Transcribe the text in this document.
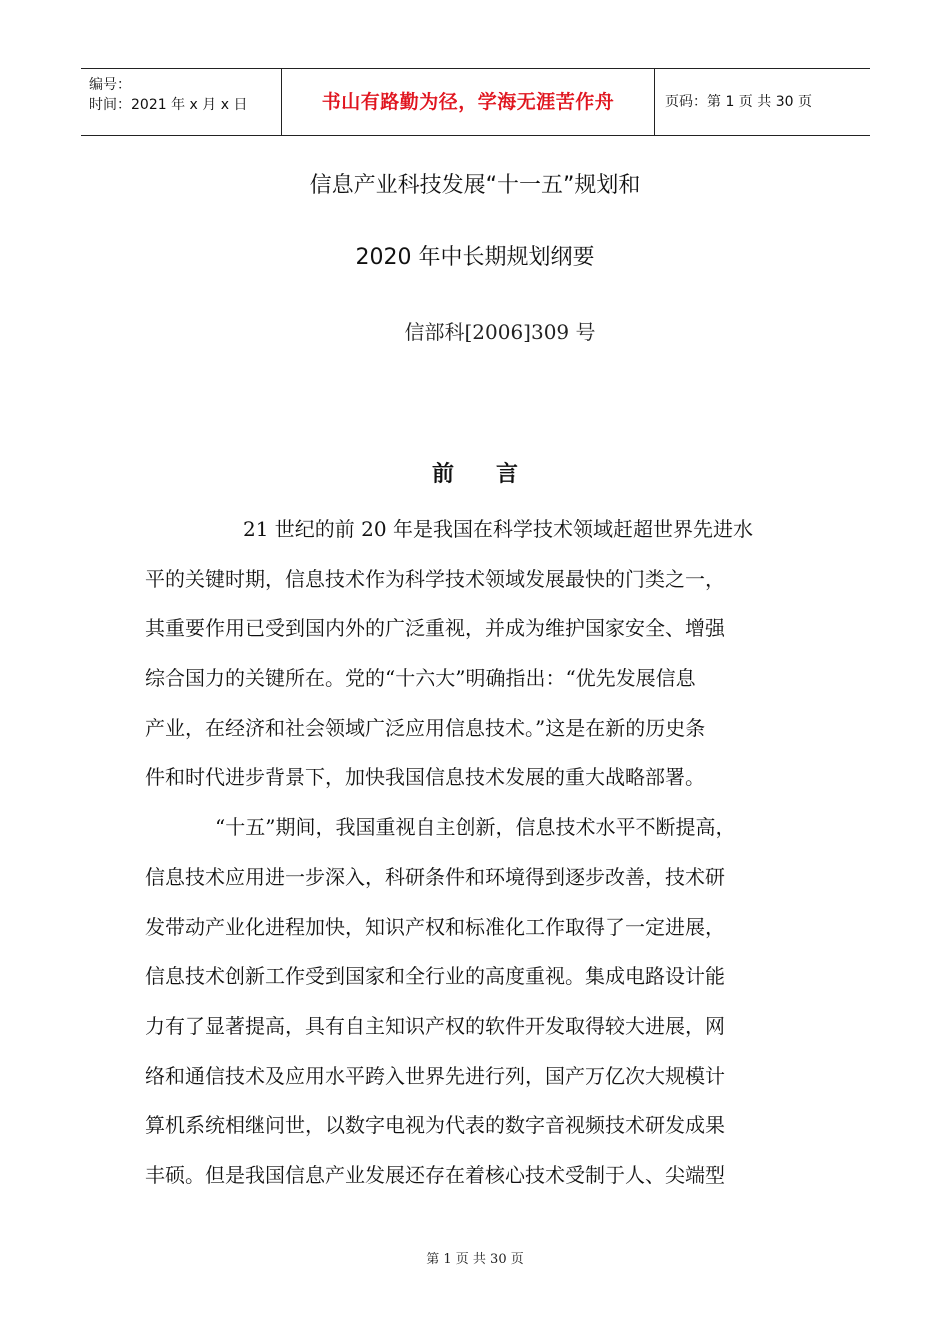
编号：
时间：2021 年 x 月 x 日	书山有路勤为径，学海无涯苦作舟	页码：第 1 页 共 30 页
信息产业科技发展“十一五”规划和
2020 年中长期规划纲要
信部科[2006]309 号
前言
21 世纪的前 20 年是我国在科学技术领域赶超世界先进水
平的关键时期，信息技术作为科学技术领域发展最快的门类之一，
其重要作用已受到国内外的广泛重视，并成为维护国家安全、增强
综合国力的关键所在。党的“十六大”明确指出：“优先发展信息
产业，在经济和社会领域广泛应用信息技术。”这是在新的历史条
件和时代进步背景下，加快我国信息技术发展的重大战略部署。
“十五”期间，我国重视自主创新，信息技术水平不断提高，
信息技术应用进一步深入，科研条件和环境得到逐步改善，技术研
发带动产业化进程加快，知识产权和标准化工作取得了一定进展，
信息技术创新工作受到国家和全行业的高度重视。集成电路设计能
力有了显著提高，具有自主知识产权的软件开发取得较大进展，网
络和通信技术及应用水平跨入世界先进行列，国产万亿次大规模计
算机系统相继问世，以数字电视为代表的数字音视频技术研发成果
丰硕。但是我国信息产业发展还存在着核心技术受制于人、尖端型
第 1 页 共 30 页
